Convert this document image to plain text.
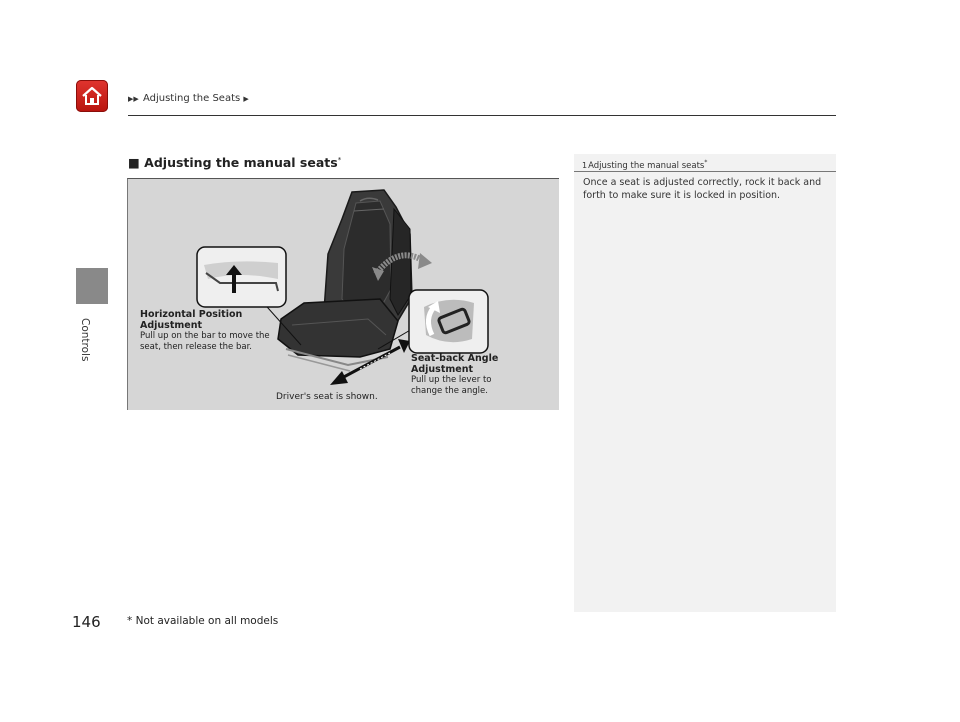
▶▶ Adjusting the Seats ▶
Controls
■ Adjusting the manual seats*
Horizontal Position
Adjustment
Pull up on the bar to move the
seat, then release the bar.
Seat-back Angle
Adjustment
Pull up the lever to
change the angle.
Driver's seat is shown.
1Adjusting the manual seats*
Once a seat is adjusted correctly, rock it back and forth to make sure it is locked in position.
146	* Not available on all models
